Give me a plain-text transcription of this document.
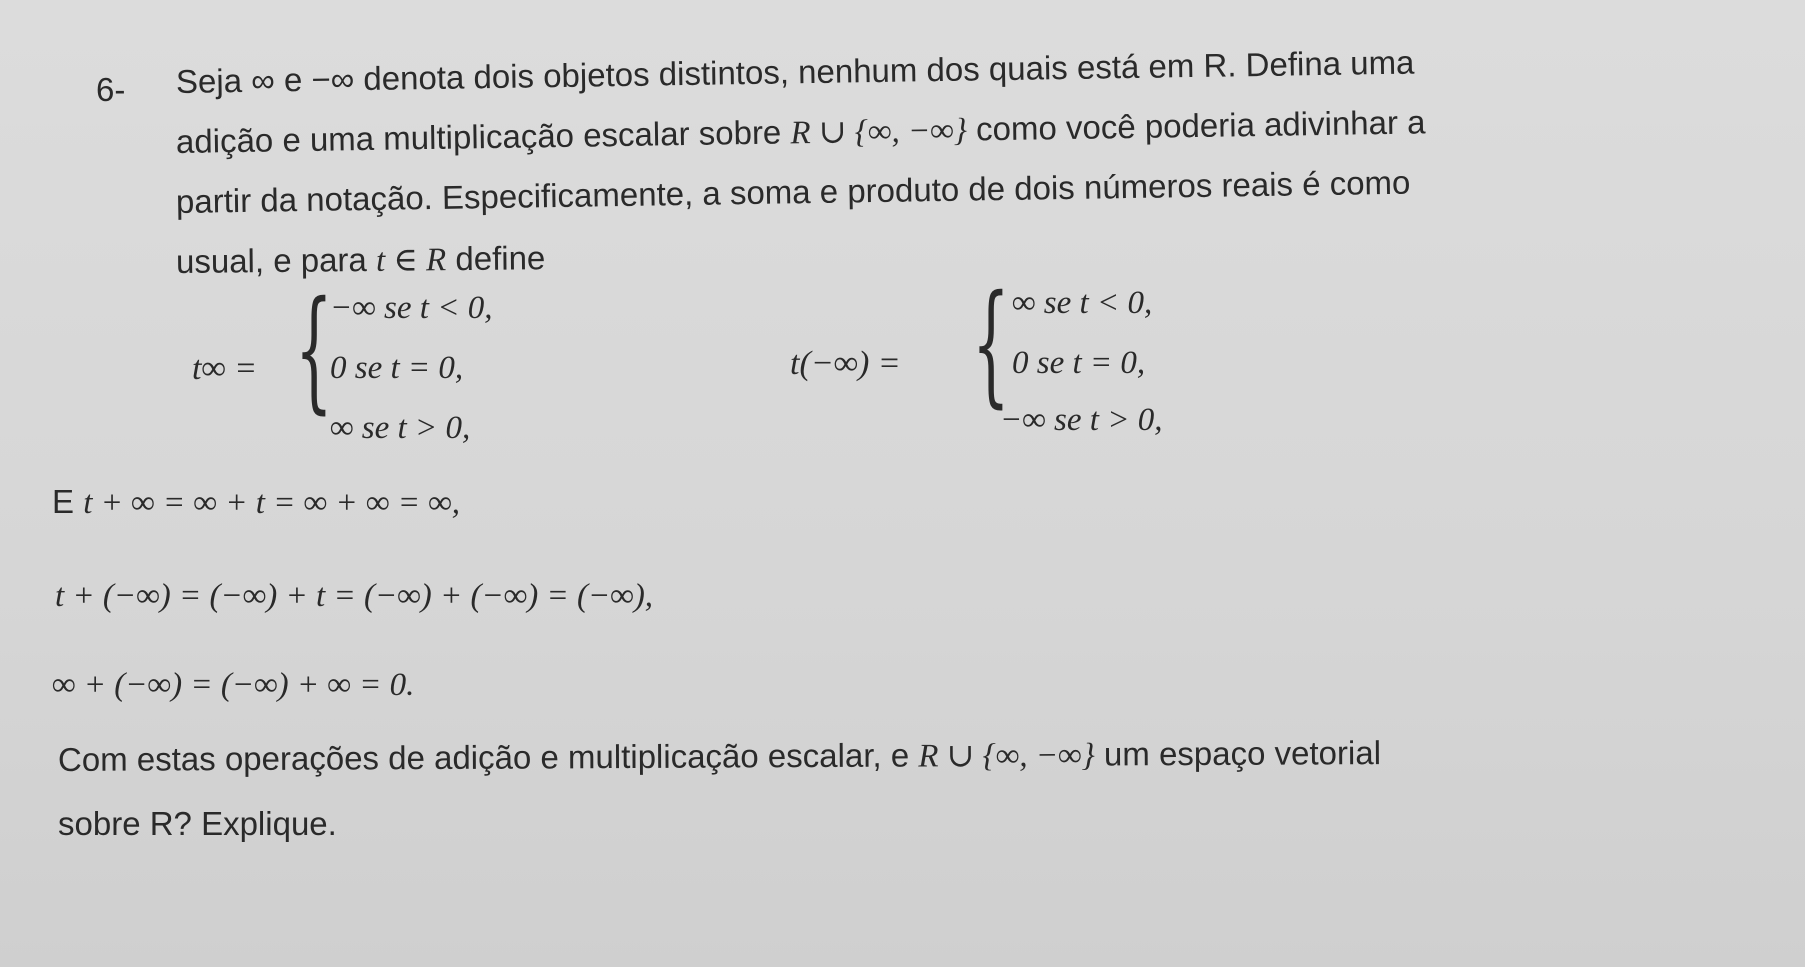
6- Seja ∞ e −∞ denota dois objetos distintos, nenhum dos quais está em R. Defina uma
adição e uma multiplicação escalar sobre R ∪ {∞, −∞} como você poderia adivinhar a
partir da notação. Especificamente, a soma e produto de dois números reais é como
usual, e para t ∈ R define
t∞ = {
−∞ se t < 0,
0 se t = 0,
∞ se t > 0,
t(−∞) = { ∞ se t < 0,
0 se t = 0,
−∞ se t > 0,
E t + ∞ = ∞ + t = ∞ + ∞ = ∞,
t + (−∞) = (−∞) + t = (−∞) + (−∞) = (−∞),
∞ + (−∞) = (−∞) + ∞ = 0.
Com estas operações de adição e multiplicação escalar, e R ∪ {∞, −∞} um espaço vetorial
sobre R? Explique.
